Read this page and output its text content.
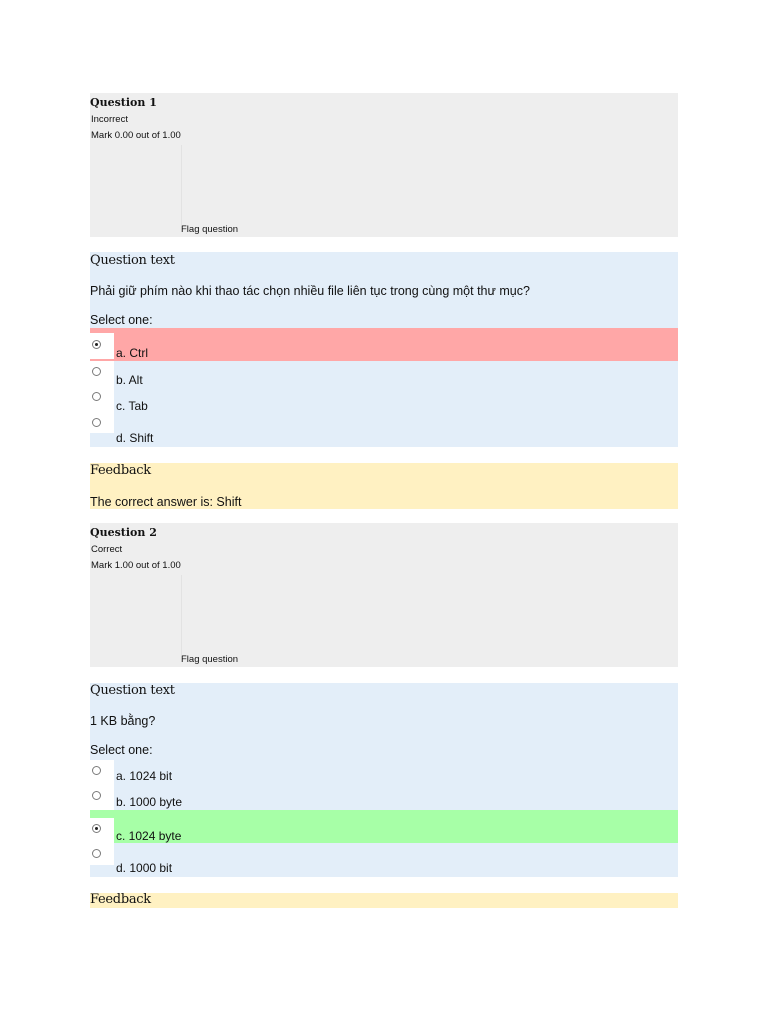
Question 1
Incorrect
Mark 0.00 out of 1.00
Flag question
Question text
Phải giữ phím nào khi thao tác chọn nhiều file liên tục trong cùng một thư mục?
Select one:
a. Ctrl
b. Alt
c. Tab
d. Shift
Feedback
The correct answer is: Shift
Question 2
Correct
Mark 1.00 out of 1.00
Flag question
Question text
1 KB bằng?
Select one:
a. 1024 bit
b. 1000 byte
c. 1024 byte
d. 1000 bit
Feedback
